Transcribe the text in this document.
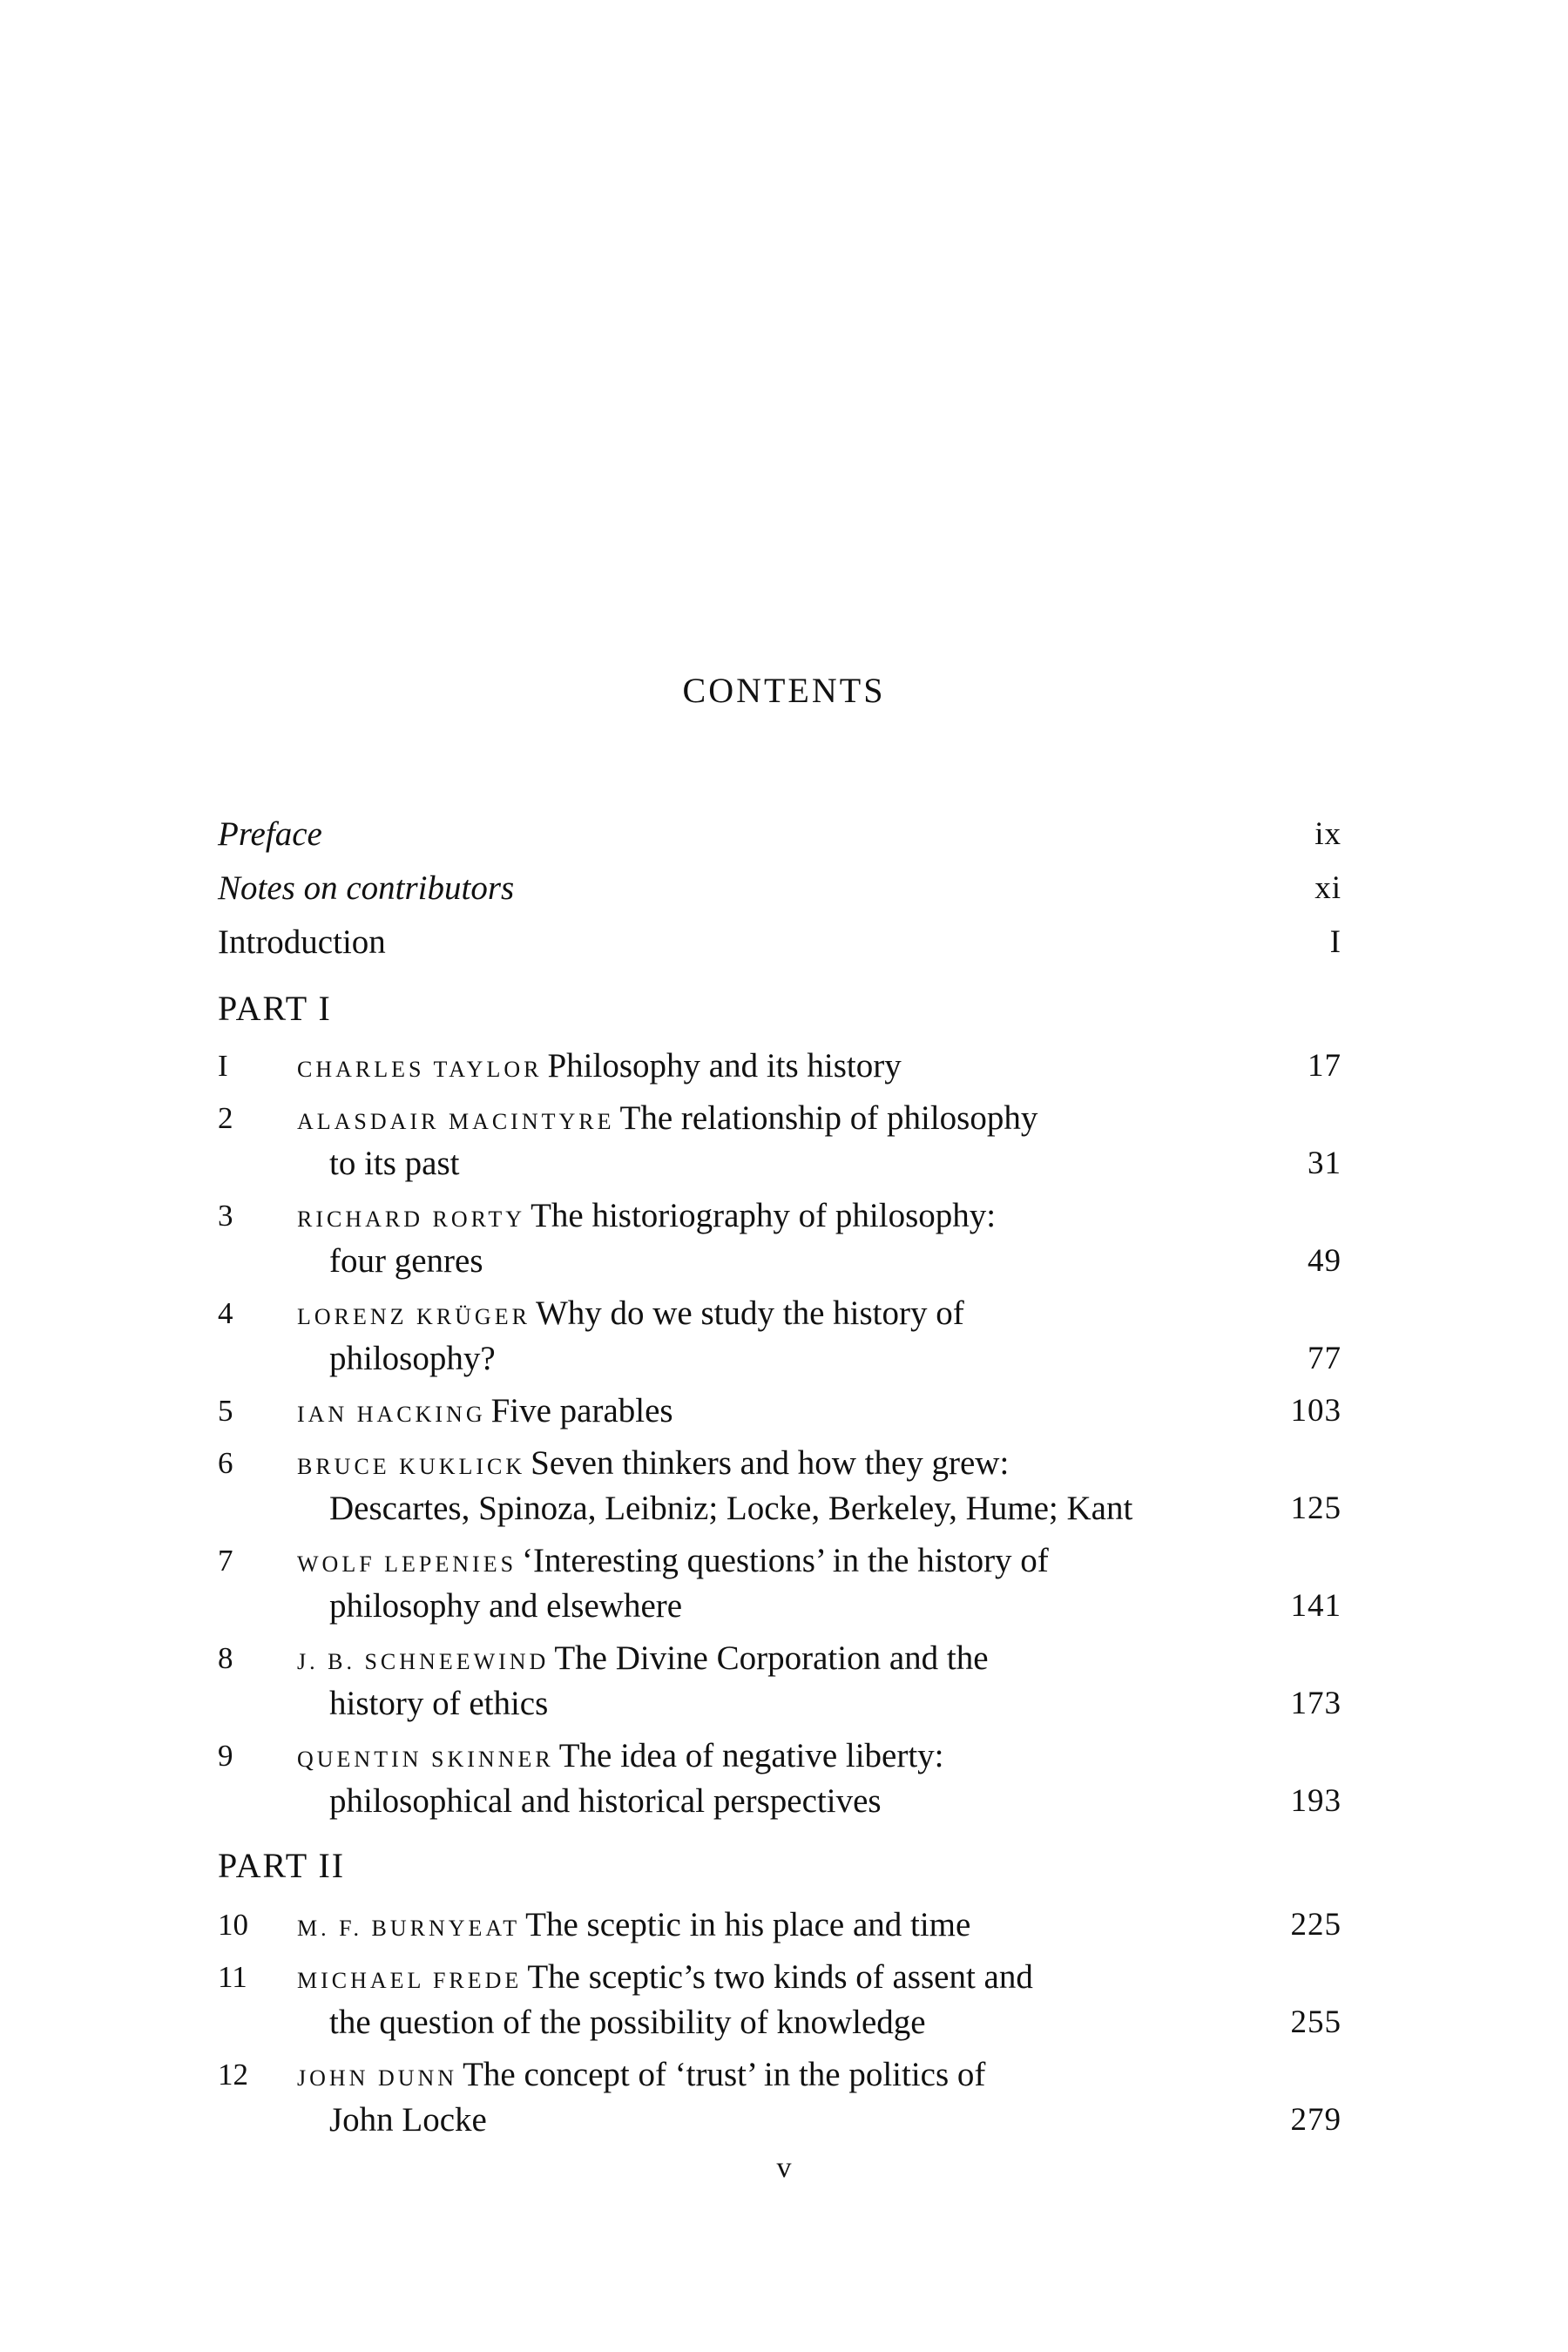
CONTENTS
Preface	ix
Notes on contributors	xi
Introduction	I
PART I
I	CHARLES TAYLOR Philosophy and its history	17
2	ALASDAIR MACINTYRE The relationship of philosophy
to its past	31
3	RICHARD RORTY The historiography of philosophy:
four genres	49
4	LORENZ KRÜGER Why do we study the history of
philosophy?	77
5	IAN HACKING Five parables	103
6	BRUCE KUKLICK Seven thinkers and how they grew:
Descartes, Spinoza, Leibniz; Locke, Berkeley, Hume; Kant	125
7	WOLF LEPENIES ‘Interesting questions’ in the history of
philosophy and elsewhere	141
8	J. B. SCHNEEWIND The Divine Corporation and the
history of ethics	173
9	QUENTIN SKINNER The idea of negative liberty:
philosophical and historical perspectives	193
PART II
10 M. F. BURNYEAT The sceptic in his place and time	225
11 MICHAEL FREDE The sceptic’s two kinds of assent and
the question of the possibility of knowledge	255
12 JOHN DUNN The concept of ‘trust’ in the politics of
John Locke	279
v
